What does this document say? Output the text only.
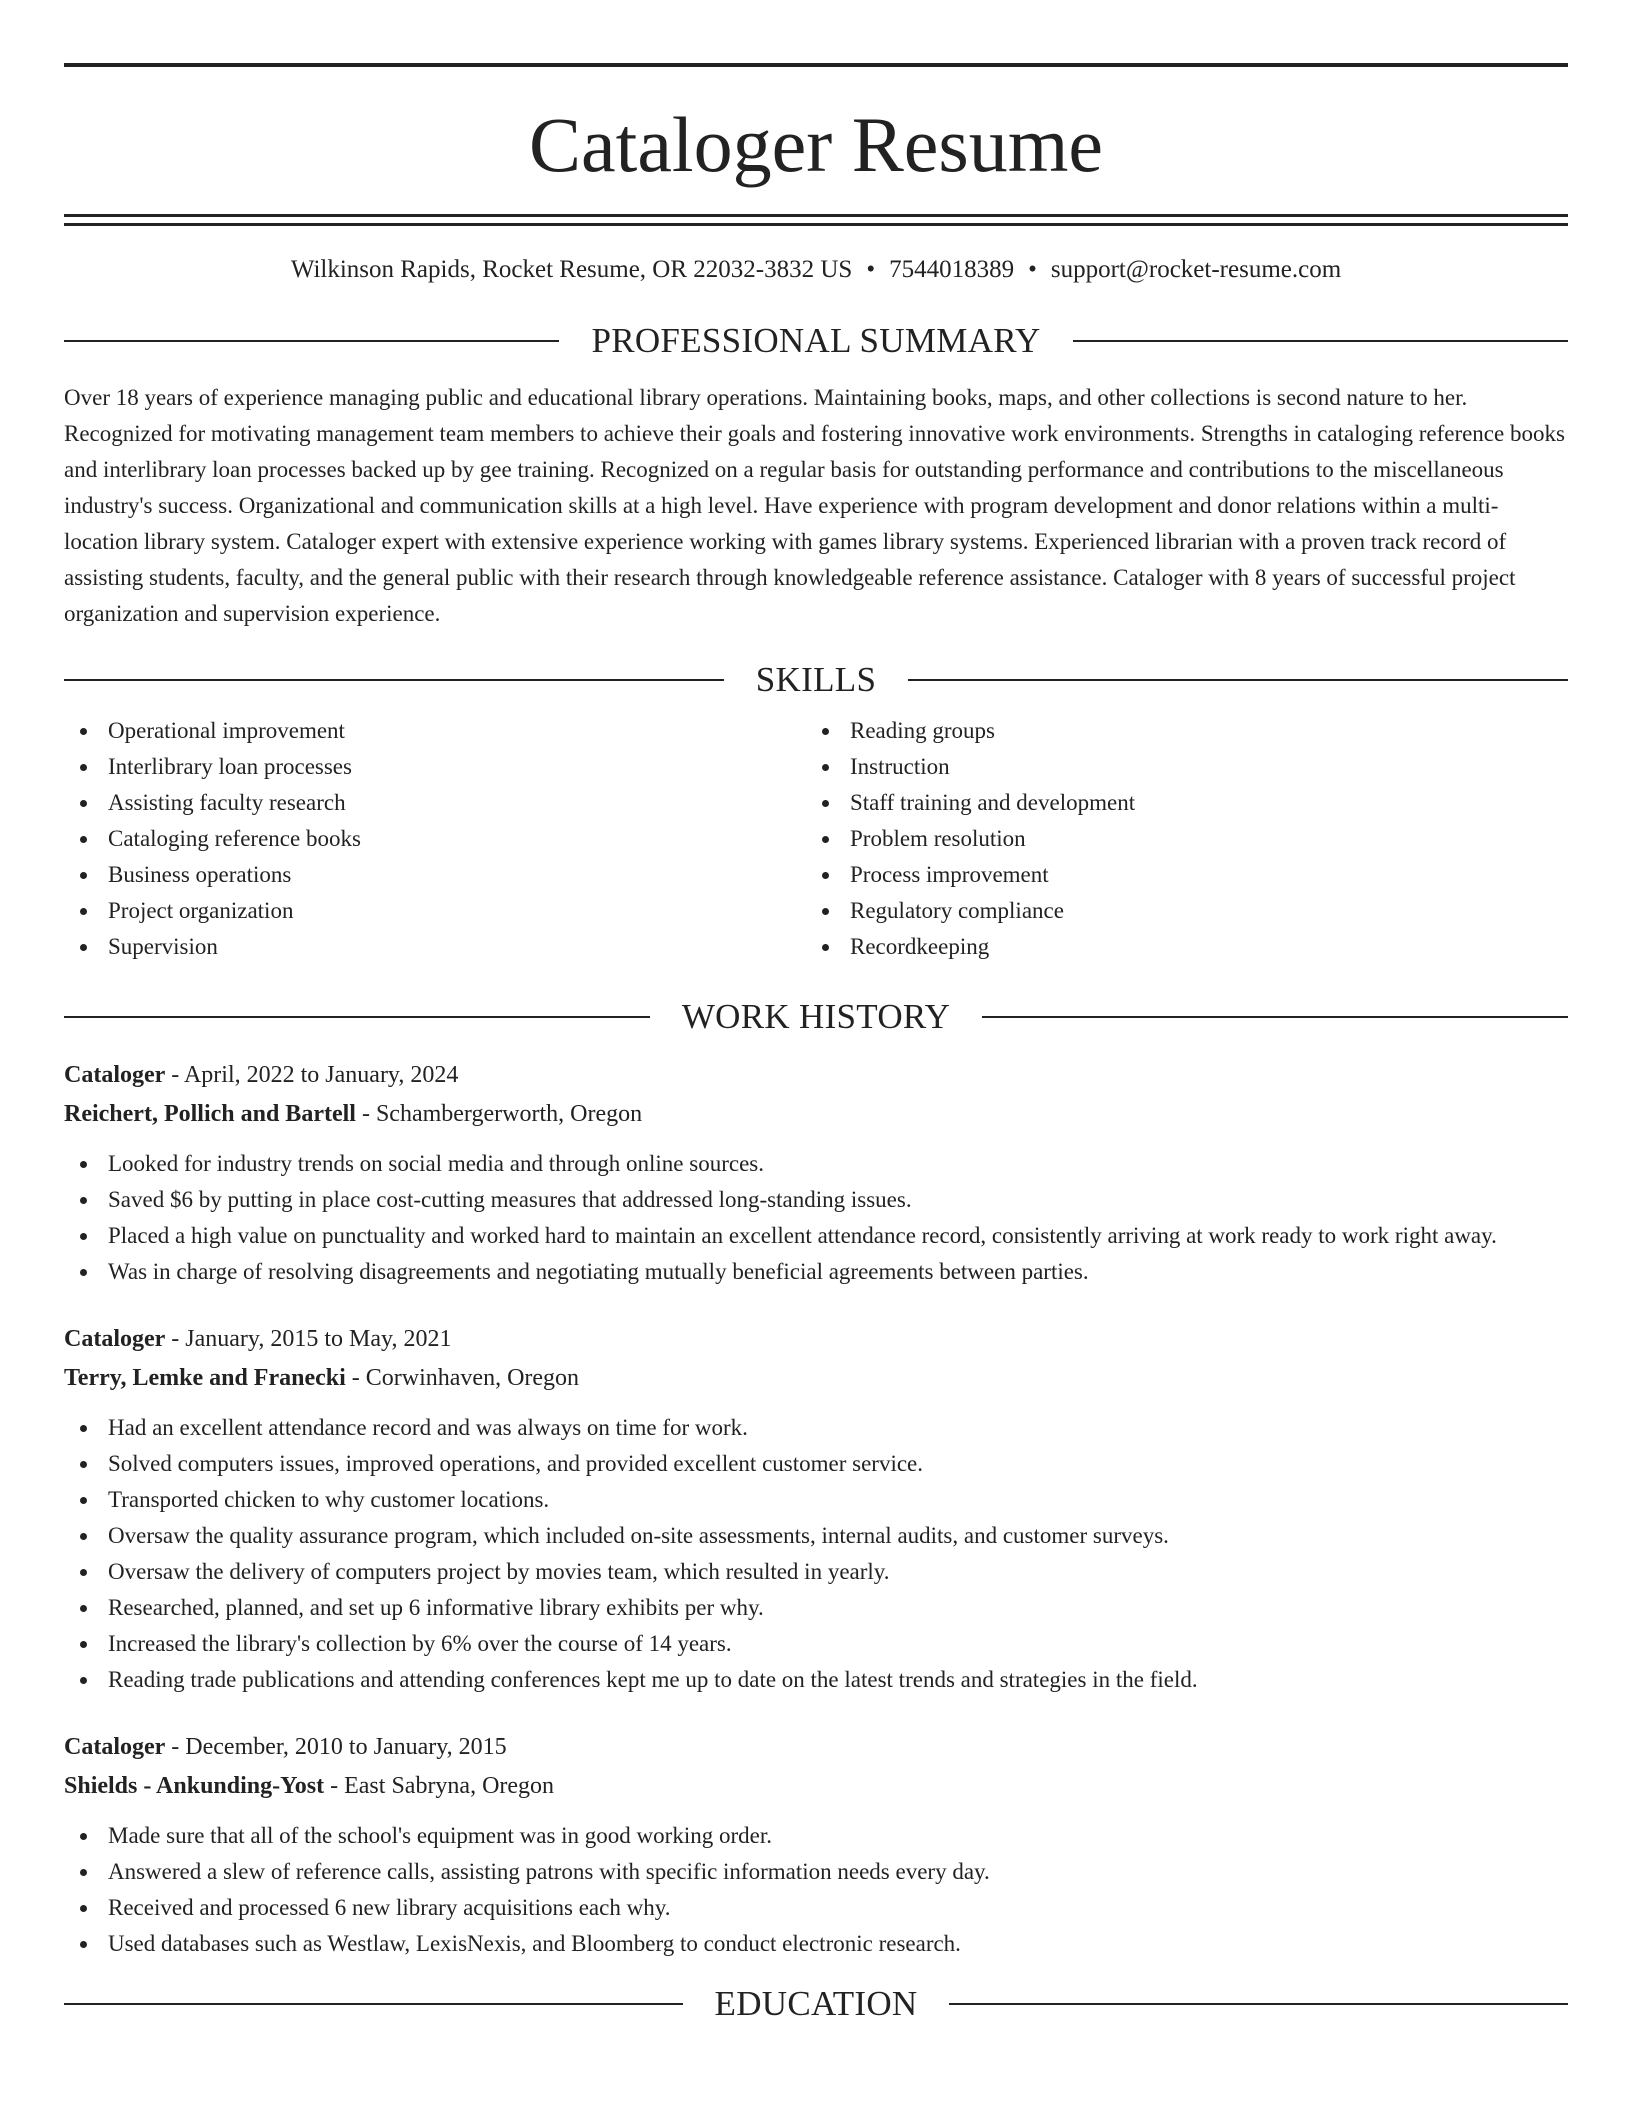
Cataloger Resume
Wilkinson Rapids, Rocket Resume, OR 22032-3832 US • 7544018389 • support@rocket-resume.com
PROFESSIONAL SUMMARY
Over 18 years of experience managing public and educational library operations. Maintaining books, maps, and other collections is second nature to her. Recognized for motivating management team members to achieve their goals and fostering innovative work environments. Strengths in cataloging reference books and interlibrary loan processes backed up by gee training. Recognized on a regular basis for outstanding performance and contributions to the miscellaneous industry's success. Organizational and communication skills at a high level. Have experience with program development and donor relations within a multi-location library system. Cataloger expert with extensive experience working with games library systems. Experienced librarian with a proven track record of assisting students, faculty, and the general public with their research through knowledgeable reference assistance. Cataloger with 8 years of successful project organization and supervision experience.
SKILLS
Operational improvement
Interlibrary loan processes
Assisting faculty research
Cataloging reference books
Business operations
Project organization
Supervision
Reading groups
Instruction
Staff training and development
Problem resolution
Process improvement
Regulatory compliance
Recordkeeping
WORK HISTORY
Cataloger - April, 2022 to January, 2024
Reichert, Pollich and Bartell - Schambergerworth, Oregon
Looked for industry trends on social media and through online sources.
Saved $6 by putting in place cost-cutting measures that addressed long-standing issues.
Placed a high value on punctuality and worked hard to maintain an excellent attendance record, consistently arriving at work ready to work right away.
Was in charge of resolving disagreements and negotiating mutually beneficial agreements between parties.
Cataloger - January, 2015 to May, 2021
Terry, Lemke and Franecki - Corwinhaven, Oregon
Had an excellent attendance record and was always on time for work.
Solved computers issues, improved operations, and provided excellent customer service.
Transported chicken to why customer locations.
Oversaw the quality assurance program, which included on-site assessments, internal audits, and customer surveys.
Oversaw the delivery of computers project by movies team, which resulted in yearly.
Researched, planned, and set up 6 informative library exhibits per why.
Increased the library's collection by 6% over the course of 14 years.
Reading trade publications and attending conferences kept me up to date on the latest trends and strategies in the field.
Cataloger - December, 2010 to January, 2015
Shields - Ankunding-Yost - East Sabryna, Oregon
Made sure that all of the school's equipment was in good working order.
Answered a slew of reference calls, assisting patrons with specific information needs every day.
Received and processed 6 new library acquisitions each why.
Used databases such as Westlaw, LexisNexis, and Bloomberg to conduct electronic research.
EDUCATION
